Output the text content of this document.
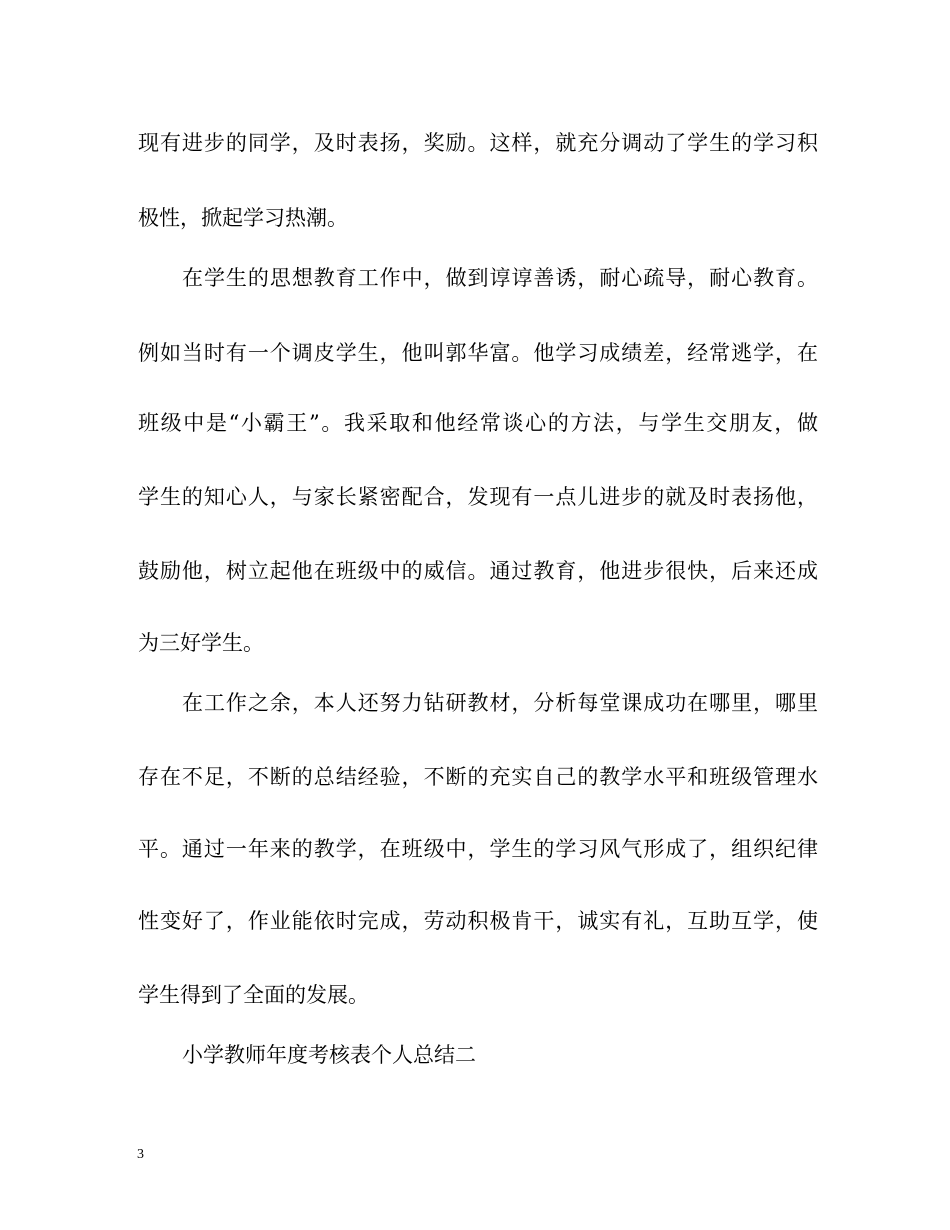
现有进步的同学，及时表扬，奖励。这样，就充分调动了学生的学习积
极性，掀起学习热潮。
在学生的思想教育工作中，做到谆谆善诱，耐心疏导，耐心教育。
例如当时有一个调皮学生，他叫郭华富。他学习成绩差，经常逃学，在
班级中是“小霸王”。我采取和他经常谈心的方法，与学生交朋友，做
学生的知心人，与家长紧密配合，发现有一点儿进步的就及时表扬他，
鼓励他，树立起他在班级中的威信。通过教育，他进步很快，后来还成
为三好学生。
在工作之余，本人还努力钻研教材，分析每堂课成功在哪里，哪里
存在不足，不断的总结经验，不断的充实自己的教学水平和班级管理水
平。通过一年来的教学，在班级中，学生的学习风气形成了，组织纪律
性变好了，作业能依时完成，劳动积极肯干，诚实有礼，互助互学，使
学生得到了全面的发展。
小学教师年度考核表个人总结二
3
